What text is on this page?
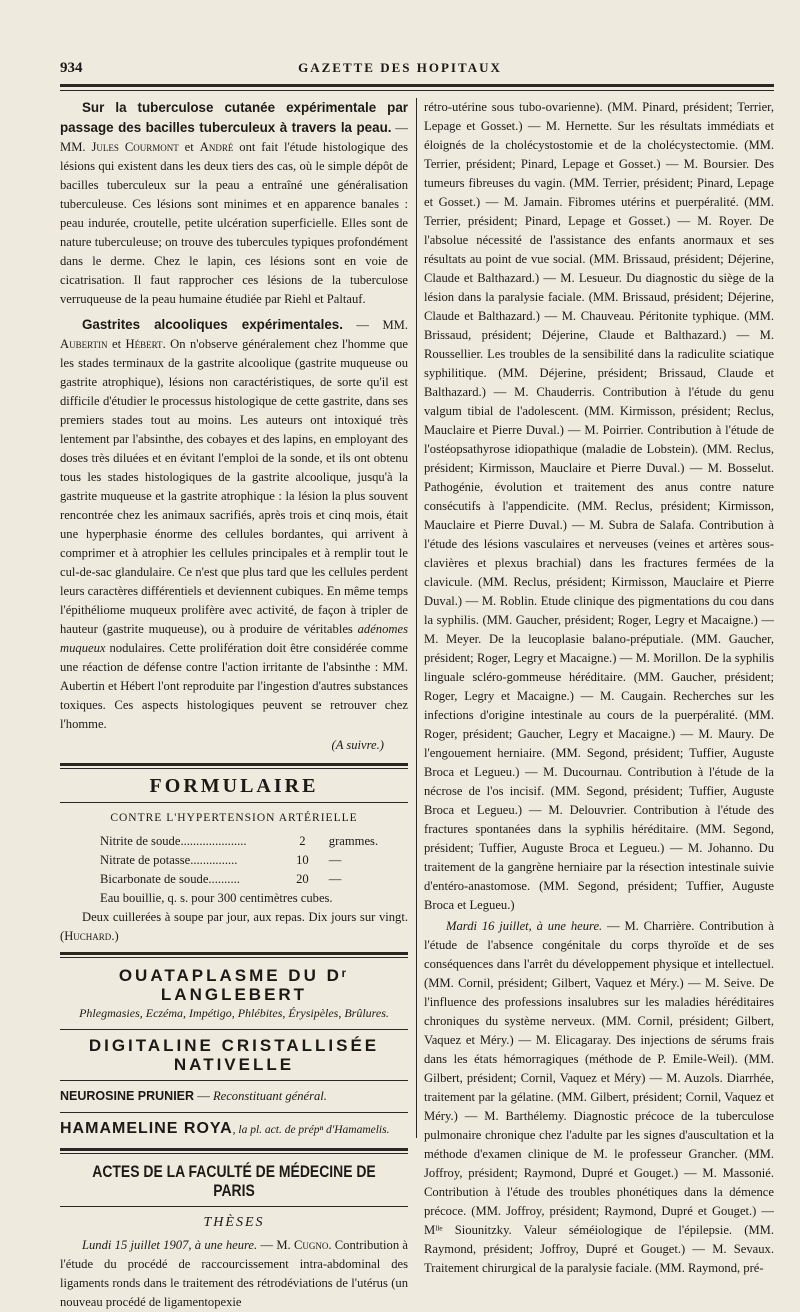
934	GAZETTE DES HOPITAUX

Sur la tuberculose cutanée expérimentale par passage des bacilles tuberculeux à travers la peau. — MM. Jules Courmont et André ont fait l'étude histologique des lésions qui existent dans les deux tiers des cas, où le simple dépôt de bacilles tuberculeux sur la peau a entraîné une généralisation tuberculeuse. Ces lésions sont minimes et en apparence banales : peau indurée, croutelle, petite ulcération superficielle. Elles sont de nature tuberculeuse; on trouve des tubercules typiques profondément dans le derme. Chez le lapin, ces lésions sont en voie de cicatrisation. Il faut rapprocher ces lésions de la tuberculose verruqueuse de la peau humaine étudiée par Riehl et Paltauf.

Gastrites alcooliques expérimentales. — MM. Aubertin et Hébert. On n'observe généralement chez l'homme que les stades terminaux de la gastrite alcoolique (gastrite muqueuse ou gastrite atrophique), lésions non caractéristiques, de sorte qu'il est difficile d'étudier le processus histologique de cette gastrite, dans ses premiers stades tout au moins. Les auteurs ont intoxiqué très lentement par l'absinthe, des cobayes et des lapins, en employant des doses très diluées et en évitant l'emploi de la sonde, et ils ont obtenu tous les stades histologiques de la gastrite alcoolique, jusqu'à la gastrite muqueuse et la gastrite atrophique : la lésion la plus souvent rencontrée chez les animaux sacrifiés, après trois et cinq mois, était une hyperphasie énorme des cellules bordantes, qui arrivent à comprimer et à atrophier les cellules principales et à remplir tout le cul-de-sac glandulaire. Ce n'est que plus tard que les cellules perdent leurs caractères différentiels et deviennent cubiques. En même temps l'épithéliome muqueux prolifère avec activité, de façon à tripler de hauteur (gastrite muqueuse), ou à produire de véritables adénomes muqueux nodulaires. Cette prolifération doit être considérée comme une réaction de défense contre l'action irritante de l'absinthe : MM. Aubertin et Hébert l'ont reproduite par l'ingestion d'autres substances toxiques. Ces aspects histologiques peuvent se retrouver chez l'homme.

(A suivre.)
FORMULAIRE
CONTRE L'HYPERTENSION ARTÉRIELLE
Nitrite de soude.....................	2	grammes.
Nitrate de potasse...............	10	—
Bicarbonate de soude..........	20	—
Eau bouillie, q. s. pour 300 centimètres cubes.

Deux cuillerées à soupe par jour, aux repas. Dix jours sur vingt. (Huchard.)

OUATAPLASME DU Dʳ LANGLEBERT
Phlegmasies, Eczéma, Impétigo, Phlébites, Érysipèles, Brûlures.
DIGITALINE CRISTALLISÉE NATIVELLE
NEUROSINE PRUNIER — Reconstituant général.
HAMAMELINE ROYA, la pl. act. de prépⁿ d'Hamamelis.
ACTES DE LA FACULTÉ DE MÉDECINE DE PARIS
THÈSES

Lundi 15 juillet 1907, à une heure. — M. Cugno. Contribution à l'étude du procédé de raccourcissement intra-abdominal des ligaments ronds dans le traitement des rétrodéviations de l'utérus (un nouveau procédé de ligamentopexie

rétro-utérine sous tubo-ovarienne). (MM. Pinard, président; Terrier, Lepage et Gosset.) — M. Hernette. Sur les résultats immédiats et éloignés de la cholécystostomie et de la cholécystectomie. (MM. Terrier, président; Pinard, Lepage et Gosset.) — M. Boursier. Des tumeurs fibreuses du vagin. (MM. Terrier, président; Pinard, Lepage et Gosset.) — M. Jamain. Fibromes utérins et puerpéralité. (MM. Terrier, président; Pinard, Lepage et Gosset.) — M. Royer. De l'absolue nécessité de l'assistance des enfants anormaux et ses résultats au point de vue social. (MM. Brissaud, président; Déjerine, Claude et Balthazard.) — M. Lesueur. Du diagnostic du siège de la lésion dans la paralysie faciale. (MM. Brissaud, président; Déjerine, Claude et Balthazard.) — M. Chauveau. Péritonite typhique. (MM. Brissaud, président; Déjerine, Claude et Balthazard.) — M. Roussellier. Les troubles de la sensibilité dans la radiculite sciatique syphilitique. (MM. Déjerine, président; Brissaud, Claude et Balthazard.) — M. Chauderris. Contribution à l'étude du genu valgum tibial de l'adolescent. (MM. Kirmisson, président; Reclus, Mauclaire et Pierre Duval.) — M. Poirrier. Contribution à l'étude de l'ostéopsathyrose idiopathique (maladie de Lobstein). (MM. Reclus, président; Kirmisson, Mauclaire et Pierre Duval.) — M. Bosselut. Pathogénie, évolution et traitement des anus contre nature consécutifs à l'appendicite. (MM. Reclus, président; Kirmisson, Mauclaire et Pierre Duval.) — M. Subra de Salafa. Contribution à l'étude des lésions vasculaires et nerveuses (veines et artères sous-clavières et plexus brachial) dans les fractures fermées de la clavicule. (MM. Reclus, président; Kirmisson, Mauclaire et Pierre Duval.) — M. Roblin. Etude clinique des pigmentations du cou dans la syphilis. (MM. Gaucher, président; Roger, Legry et Macaigne.) — M. Meyer. De la leucoplasie balano-préputiale. (MM. Gaucher, président; Roger, Legry et Macaigne.) — M. Morillon. De la syphilis linguale scléro-gommeuse héréditaire. (MM. Gaucher, président; Roger, Legry et Macaigne.) — M. Caugain. Recherches sur les infections d'origine intestinale au cours de la puerpéralité. (MM. Roger, président; Gaucher, Legry et Macaigne.) — M. Maury. De l'engouement herniaire. (MM. Segond, président; Tuffier, Auguste Broca et Legueu.) — M. Ducournau. Contribution à l'étude de la nécrose de l'os incisif. (MM. Segond, président; Tuffier, Auguste Broca et Legueu.) — M. Delouvrier. Contribution à l'étude des fractures spontanées dans la syphilis héréditaire. (MM. Segond, président; Tuffier, Auguste Broca et Legueu.) — M. Johanno. Du traitement de la gangrène herniaire par la résection intestinale suivie d'entéro-anastomose. (MM. Segond, président; Tuffier, Auguste Broca et Legueu.)

Mardi 16 juillet, à une heure. — M. Charrière. Contribution à l'étude de l'absence congénitale du corps thyroïde et de ses conséquences dans l'arrêt du développement physique et intellectuel. (MM. Cornil, président; Gilbert, Vaquez et Méry.) — M. Seive. De l'influence des professions insalubres sur les maladies héréditaires chroniques du système nerveux. (MM. Cornil, président; Gilbert, Vaquez et Méry.) — M. Elicagaray. Des injections de sérums frais dans les états hémorragiques (méthode de P. Emile-Weil). (MM. Gilbert, président; Cornil, Vaquez et Méry) — M. Auzols. Diarrhée, traitement par la gélatine. (MM. Gilbert, président; Cornil, Vaquez et Méry.) — M. Barthélemy. Diagnostic précoce de la tuberculose pulmonaire chronique chez l'adulte par les signes d'auscultation et la méthode d'examen clinique de M. le professeur Grancher. (MM. Joffroy, président; Raymond, Dupré et Gouget.) — M. Massonié. Contribution à l'étude des troubles phonétiques dans la démence précoce. (MM. Joffroy, président; Raymond, Dupré et Gouget.) — Mˡˡᵉ Siounitzky. Valeur séméiologique de l'épilepsie. (MM. Raymond, président; Joffroy, Dupré et Gouget.) — M. Sevaux. Traitement chirurgical de la paralysie faciale. (MM. Raymond, pré-
